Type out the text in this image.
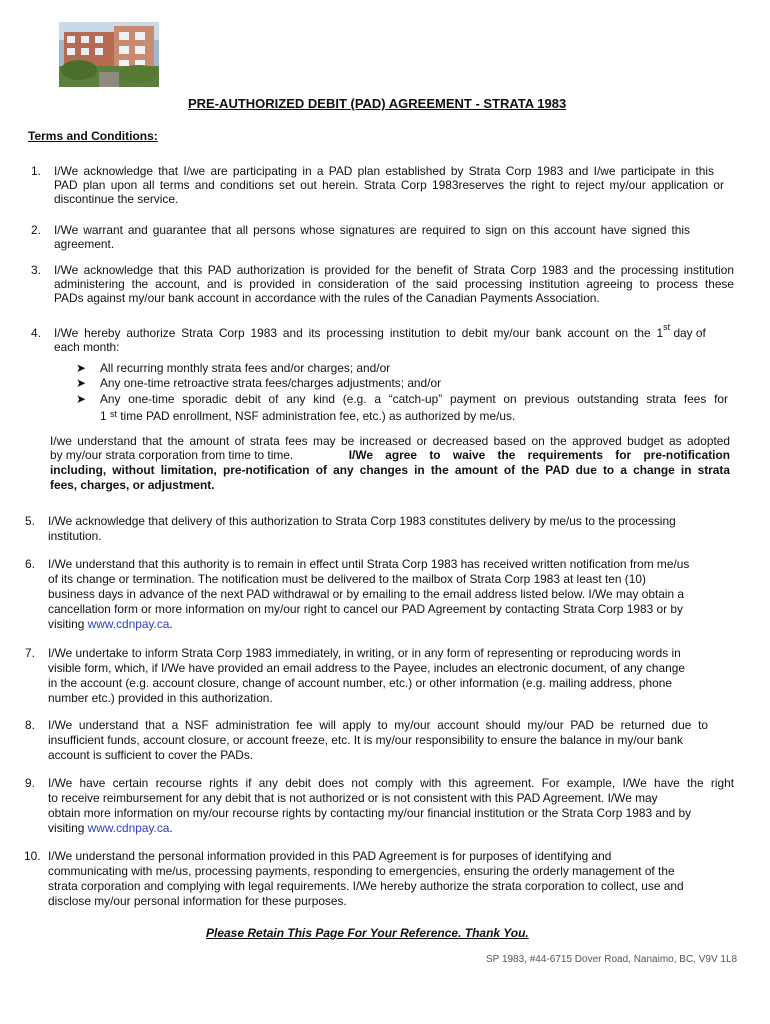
PRE-AUTHORIZED DEBIT (PAD) AGREEMENT - STRATA 1983
Terms and Conditions:
1.	I/We acknowledge that I/we are participating in a PAD plan established by Strata Corp 1983 and I/we participate in this
PAD plan upon all terms and conditions set out herein. Strata Corp 1983reserves the right to reject my/our application or
discontinue the service.
2.	I/We warrant and guarantee that all persons whose signatures are required to sign on this account have signed this
agreement.
3.	I/We acknowledge that this PAD authorization is provided for the benefit of Strata Corp 1983 and the processing institution
administering the account, and is provided in consideration of the said processing institution agreeing to process these
PADs against my/our bank account in accordance with the rules of the Canadian Payments Association.
4.	I/We hereby authorize Strata Corp 1983 and its processing institution to debit my/our bank account on the 1st day of
each month:
➤ All recurring monthly strata fees and/or charges; and/or
➤ Any one-time retroactive strata fees/charges adjustments; and/or
➤ Any one-time sporadic debit of any kind (e.g. a “catch-up” payment on previous outstanding strata fees for
1 $^{st}$ time PAD enrollment, NSF administration fee, etc.) as authorized by me/us.
I/we understand that the amount of strata fees may be increased or decreased based on the approved budget as adopted
by my/our strata corporation from time to time.	I/We agree to waive the requirements for pre-notification
including, without limitation, pre-notification of any changes in the amount of the PAD due to a change in strata
fees, charges, or adjustment.
5.	I/We acknowledge that delivery of this authorization to Strata Corp 1983 constitutes delivery by me/us to the processing
institution.
6.	I/We understand that this authority is to remain in effect until Strata Corp 1983 has received written notification from me/us
of its change or termination. The notification must be delivered to the mailbox of Strata Corp 1983 at least ten (10)
business days in advance of the next PAD withdrawal or by emailing to the email address listed below. I/We may obtain a
cancellation form or more information on my/our right to cancel our PAD Agreement by contacting Strata Corp 1983 or by
visiting www.cdnpay.ca.
7.	I/We undertake to inform Strata Corp 1983 immediately, in writing, or in any form of representing or reproducing words in
visible form, which, if I/We have provided an email address to the Payee, includes an electronic document, of any change
in the account (e.g. account closure, change of account number, etc.) or other information (e.g. mailing address, phone
number etc.) provided in this authorization.
8.	I/We understand that a NSF administration fee will apply to my/our account should my/our PAD be returned due to
insufficient funds, account closure, or account freeze, etc. It is my/our responsibility to ensure the balance in my/our bank
account is sufficient to cover the PADs.
9.	I/We have certain recourse rights if any debit does not comply with this agreement. For example, I/We have the right
to receive reimbursement for any debit that is not authorized or is not consistent with this PAD Agreement. I/We may
obtain more information on my/our recourse rights by contacting my/our financial institution or the Strata Corp 1983 and by
visiting www.cdnpay.ca.
10. I/We understand the personal information provided in this PAD Agreement is for purposes of identifying and
communicating with me/us, processing payments, responding to emergencies, ensuring the orderly management of the
strata corporation and complying with legal requirements. I/We hereby authorize the strata corporation to collect, use and
disclose my/our personal information for these purposes.
Please Retain This Page For Your Reference. Thank You.
SP 1983, #44-6715 Dover Road, Nanaimo, BC, V9V 1L8
